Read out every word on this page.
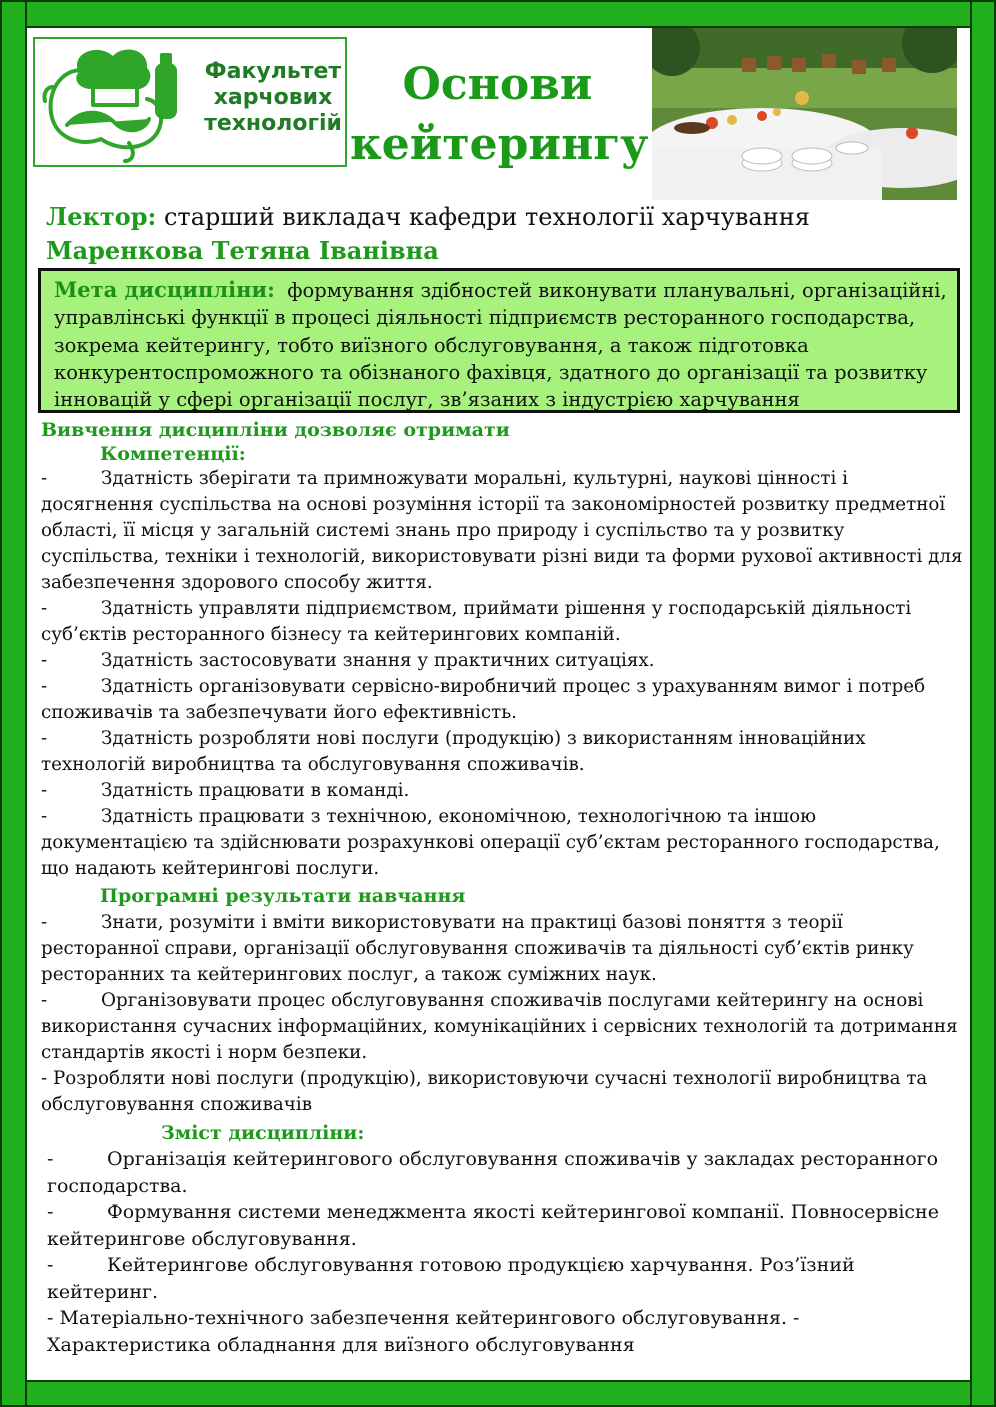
Факультет
харчових
технологій
Основи
кейтерингу
Лектор: старший викладач кафедри технології харчування
Маренкова Тетяна Іванівна
Мета дисципліни: формування здібностей виконувати планувальні, організаційні, управлінські функції в процесі діяльності підприємств ресторанного господарства, зокрема кейтерингу, тобто виїзного обслуговування, а також підготовка конкурентоспроможного та обізнаного фахівця, здатного до організації та розвитку інновацій у сфері організації послуг, зв’язаних з індустрією харчування
Вивчення дисципліни дозволяє отримати
Компетенції:

-	Здатність зберігати та примножувати моральні, культурні, наукові цінності і досягнення суспільства на основі розуміння історії та закономірностей розвитку предметної області, її місця у загальній системі знань про природу і суспільство та у розвитку суспільства, техніки і технологій, використовувати різні види та форми рухової активності для забезпечення здорового способу життя.

-	Здатність управляти підприємством, приймати рішення у господарській діяльності суб’єктів ресторанного бізнесу та кейтерингових компаній.

-	Здатність застосовувати знання у практичних ситуаціях.

-	Здатність організовувати сервісно-виробничий процес з урахуванням вимог і потреб споживачів та забезпечувати його ефективність.

-	Здатність розробляти нові послуги (продукцію) з використанням інноваційних технологій виробництва та обслуговування споживачів.

-	Здатність працювати в команді.

-	Здатність працювати з технічною, економічною, технологічною та іншою документацією та здійснювати розрахункові операції суб’єктам ресторанного господарства, що надають кейтерингові послуги.

Програмні результати навчання

-	Знати, розуміти і вміти використовувати на практиці базові поняття з теорії ресторанної справи, організації обслуговування споживачів та діяльності суб’єктів ринку ресторанних та кейтерингових послуг, а також суміжних наук.

-	Організовувати процес обслуговування споживачів послугами кейтерингу на основі використання сучасних інформаційних, комунікаційних і сервісних технологій та дотримання стандартів якості і норм безпеки.

- Розробляти нові послуги (продукцію), використовуючи сучасні технології виробництва та обслуговування споживачів

Зміст дисципліни:

-	Організація кейтерингового обслуговування споживачів у закладах ресторанного господарства.

-	Формування системи менеджмента якості кейтерингової компанії. Повносервісне кейтерингове обслуговування.

-	Кейтерингове обслуговування готовою продукцією харчування. Роз’їзний кейтеринг.

- Матеріально-технічного забезпечення кейтерингового обслуговування. - Характеристика обладнання для виїзного обслуговування
